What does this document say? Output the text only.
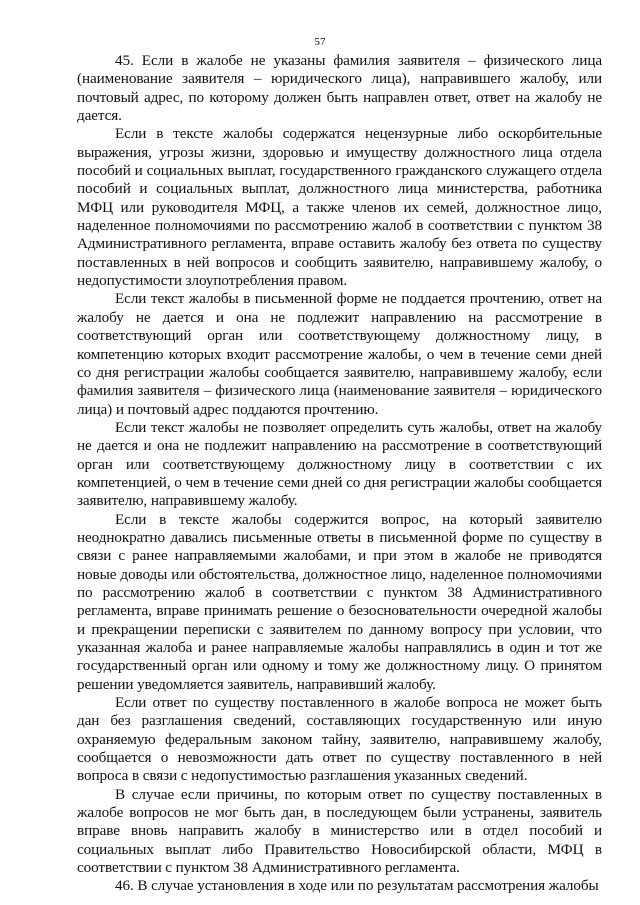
57

45. Если в жалобе не указаны фамилия заявителя – физического лица (наименование заявителя – юридического лица), направившего жалобу, или почтовый адрес, по которому должен быть направлен ответ, ответ на жалобу не дается.

Если в тексте жалобы содержатся нецензурные либо оскорбительные выражения, угрозы жизни, здоровью и имуществу должностного лица отдела пособий и социальных выплат, государственного гражданского служащего отдела пособий и социальных выплат, должностного лица министерства, работника МФЦ или руководителя МФЦ, а также членов их семей, должностное лицо, наделенное полномочиями по рассмотрению жалоб в соответствии с пунктом 38 Административного регламента, вправе оставить жалобу без ответа по существу поставленных в ней вопросов и сообщить заявителю, направившему жалобу, о недопустимости злоупотребления правом.

Если текст жалобы в письменной форме не поддается прочтению, ответ на жалобу не дается и она не подлежит направлению на рассмотрение в соответствующий орган или соответствующему должностному лицу, в компетенцию которых входит рассмотрение жалобы, о чем в течение семи дней со дня регистрации жалобы сообщается заявителю, направившему жалобу, если фамилия заявителя – физического лица (наименование заявителя – юридического лица) и почтовый адрес поддаются прочтению.

Если текст жалобы не позволяет определить суть жалобы, ответ на жалобу не дается и она не подлежит направлению на рассмотрение в соответствующий орган или соответствующему должностному лицу в соответствии с их компетенцией, о чем в течение семи дней со дня регистрации жалобы сообщается заявителю, направившему жалобу.

Если в тексте жалобы содержится вопрос, на который заявителю неоднократно давались письменные ответы в письменной форме по существу в связи с ранее направляемыми жалобами, и при этом в жалобе не приводятся новые доводы или обстоятельства, должностное лицо, наделенное полномочиями по рассмотрению жалоб в соответствии с пунктом 38 Административного регламента, вправе принимать решение о безосновательности очередной жалобы и прекращении переписки с заявителем по данному вопросу при условии, что указанная жалоба и ранее направляемые жалобы направлялись в один и тот же государственный орган или одному и тому же должностному лицу. О принятом решении уведомляется заявитель, направивший жалобу.

Если ответ по существу поставленного в жалобе вопроса не может быть дан без разглашения сведений, составляющих государственную или иную охраняемую федеральным законом тайну, заявителю, направившему жалобу, сообщается о невозможности дать ответ по существу поставленного в ней вопроса в связи с недопустимостью разглашения указанных сведений.

В случае если причины, по которым ответ по существу поставленных в жалобе вопросов не мог быть дан, в последующем были устранены, заявитель вправе вновь направить жалобу в министерство или в отдел пособий и социальных выплат либо Правительство Новосибирской области, МФЦ в соответствии с пунктом 38 Административного регламента.

46. В случае установления в ходе или по результатам рассмотрения жалобы
